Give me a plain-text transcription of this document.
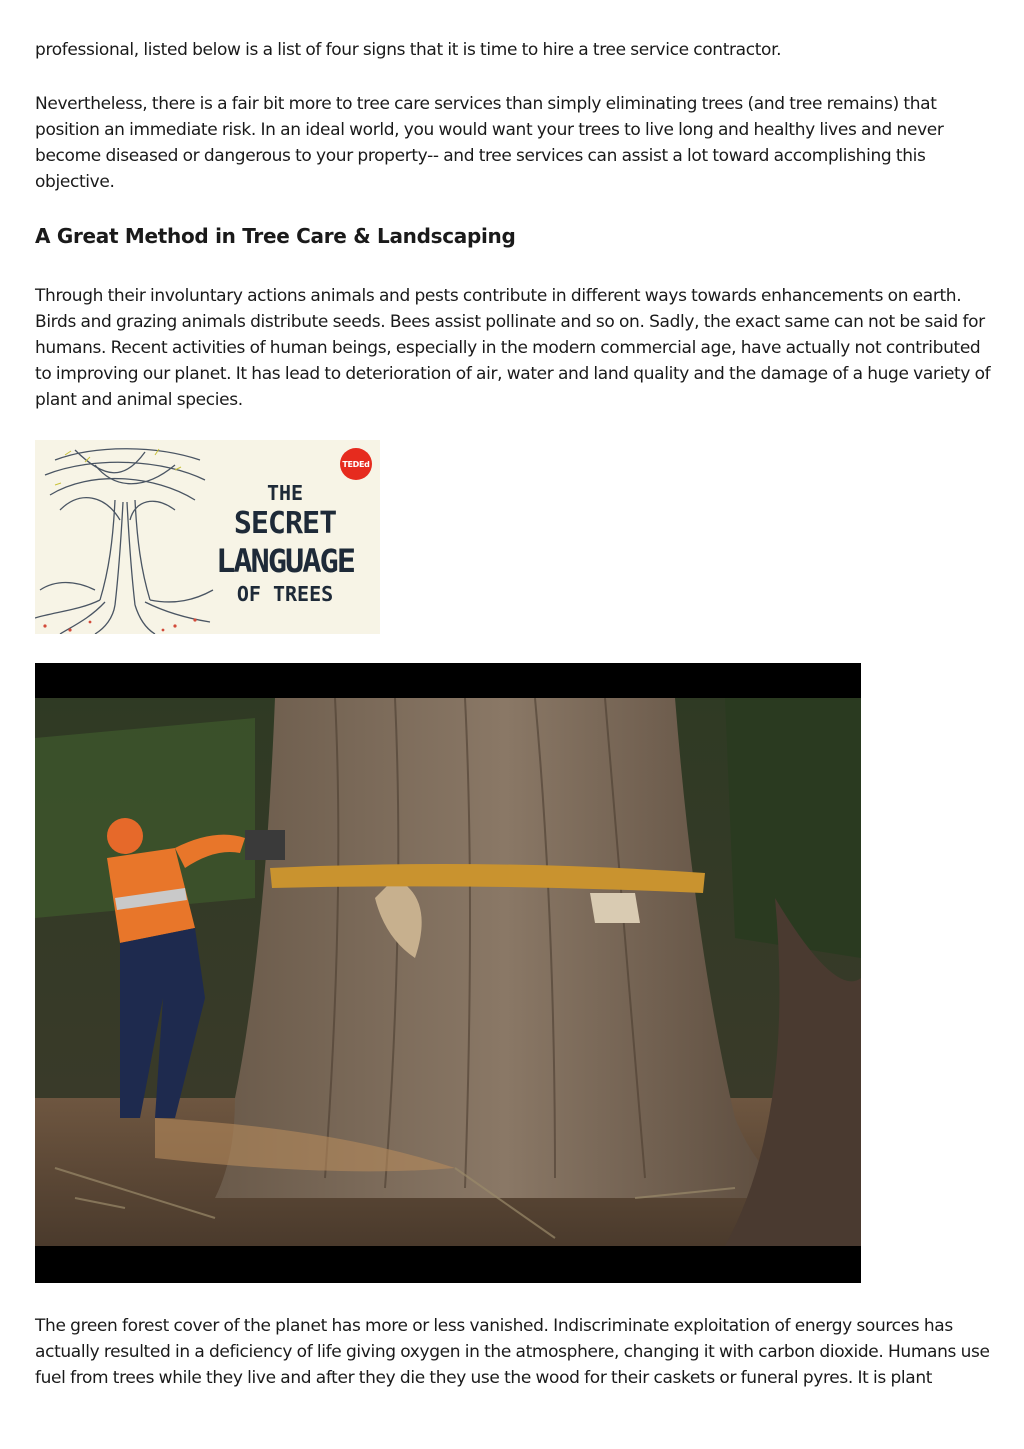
professional, listed below is a list of four signs that it is time to hire a tree service contractor.

Nevertheless, there is a fair bit more to tree care services than simply eliminating trees (and tree remains) that position an immediate risk. In an ideal world, you would want your trees to live long and healthy lives and never become diseased or dangerous to your property-- and tree services can assist a lot toward accomplishing this objective.

A Great Method in Tree Care & Landscaping

Through their involuntary actions animals and pests contribute in different ways towards enhancements on earth. Birds and grazing animals distribute seeds. Bees assist pollinate and so on. Sadly, the exact same can not be said for humans. Recent activities of human beings, especially in the modern commercial age, have actually not contributed to improving our planet. It has lead to deterioration of air, water and land quality and the damage of a huge variety of plant and animal species.

TEDEd
THE
SECRET
LANGUAGE
OF TREES

The green forest cover of the planet has more or less vanished. Indiscriminate exploitation of energy sources has actually resulted in a deficiency of life giving oxygen in the atmosphere, changing it with carbon dioxide. Humans use fuel from trees while they live and after they die they use the wood for their caskets or funeral pyres. It is plant
